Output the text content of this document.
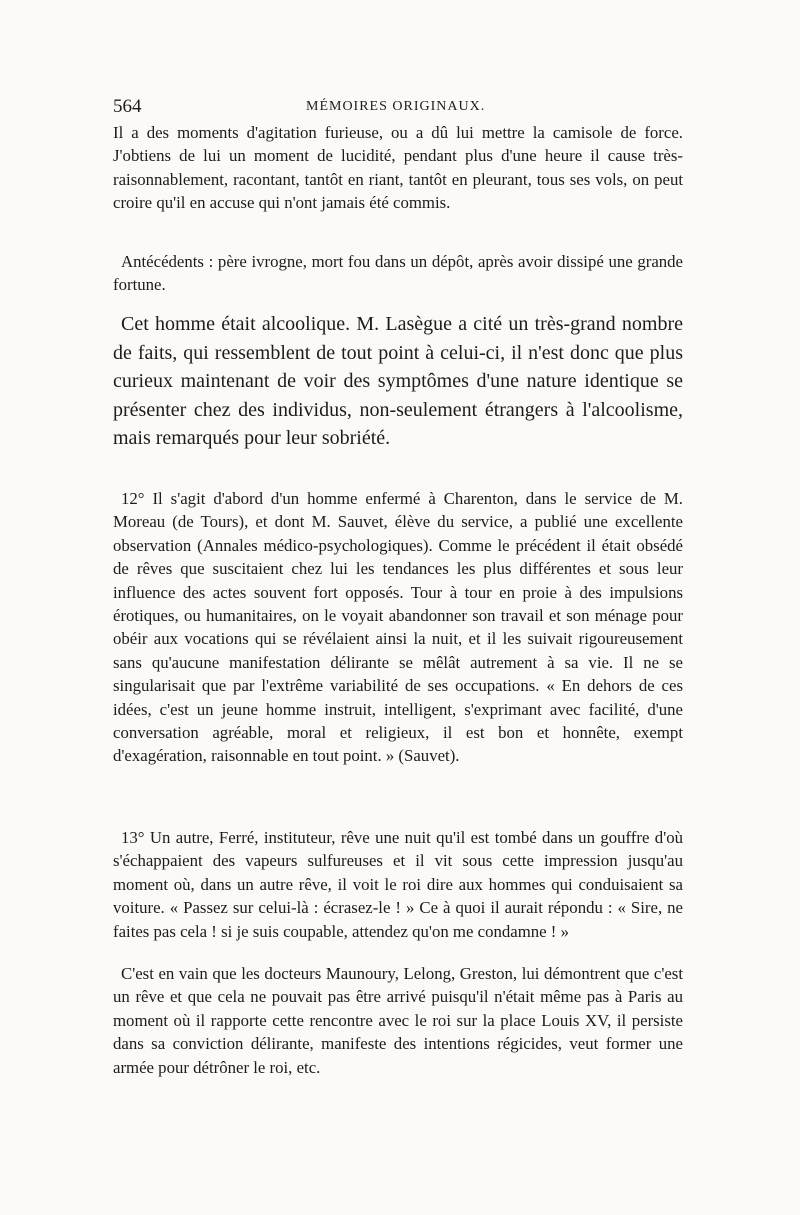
564	MÉMOIRES ORIGINAUX.

Il a des moments d'agitation furieuse, ou a dû lui mettre la camisole de force. J'obtiens de lui un moment de lucidité, pendant plus d'une heure il cause très-raisonnablement, racontant, tantôt en riant, tantôt en pleurant, tous ses vols, on peut croire qu'il en accuse qui n'ont jamais été commis.

Antécédents : père ivrogne, mort fou dans un dépôt, après avoir dissipé une grande fortune.

Cet homme était alcoolique. M. Lasègue a cité un très-grand nombre de faits, qui ressemblent de tout point à celui-ci, il n'est donc que plus curieux maintenant de voir des symptômes d'une nature identique se présenter chez des individus, non-seulement étrangers à l'alcoolisme, mais remarqués pour leur sobriété.

12° Il s'agit d'abord d'un homme enfermé à Charenton, dans le service de M. Moreau (de Tours), et dont M. Sauvet, élève du service, a publié une excellente observation (Annales médico-psychologiques). Comme le précédent il était obsédé de rêves que suscitaient chez lui les tendances les plus différentes et sous leur influence des actes souvent fort opposés. Tour à tour en proie à des impulsions érotiques, ou humanitaires, on le voyait abandonner son travail et son ménage pour obéir aux vocations qui se révélaient ainsi la nuit, et il les suivait rigoureusement sans qu'aucune manifestation délirante se mêlât autrement à sa vie. Il ne se singularisait que par l'extrême variabilité de ses occupations. « En dehors de ces idées, c'est un jeune homme instruit, intelligent, s'exprimant avec facilité, d'une conversation agréable, moral et religieux, il est bon et honnête, exempt d'exagération, raisonnable en tout point. » (Sauvet).

13° Un autre, Ferré, instituteur, rêve une nuit qu'il est tombé dans un gouffre d'où s'échappaient des vapeurs sulfureuses et il vit sous cette impression jusqu'au moment où, dans un autre rêve, il voit le roi dire aux hommes qui conduisaient sa voiture. « Passez sur celui-là : écrasez-le ! » Ce à quoi il aurait répondu : « Sire, ne faites pas cela ! si je suis coupable, attendez qu'on me condamne ! »

C'est en vain que les docteurs Maunoury, Lelong, Greston, lui démontrent que c'est un rêve et que cela ne pouvait pas être arrivé puisqu'il n'était même pas à Paris au moment où il rapporte cette rencontre avec le roi sur la place Louis XV, il persiste dans sa conviction délirante, manifeste des intentions régicides, veut former une armée pour détrôner le roi, etc.
